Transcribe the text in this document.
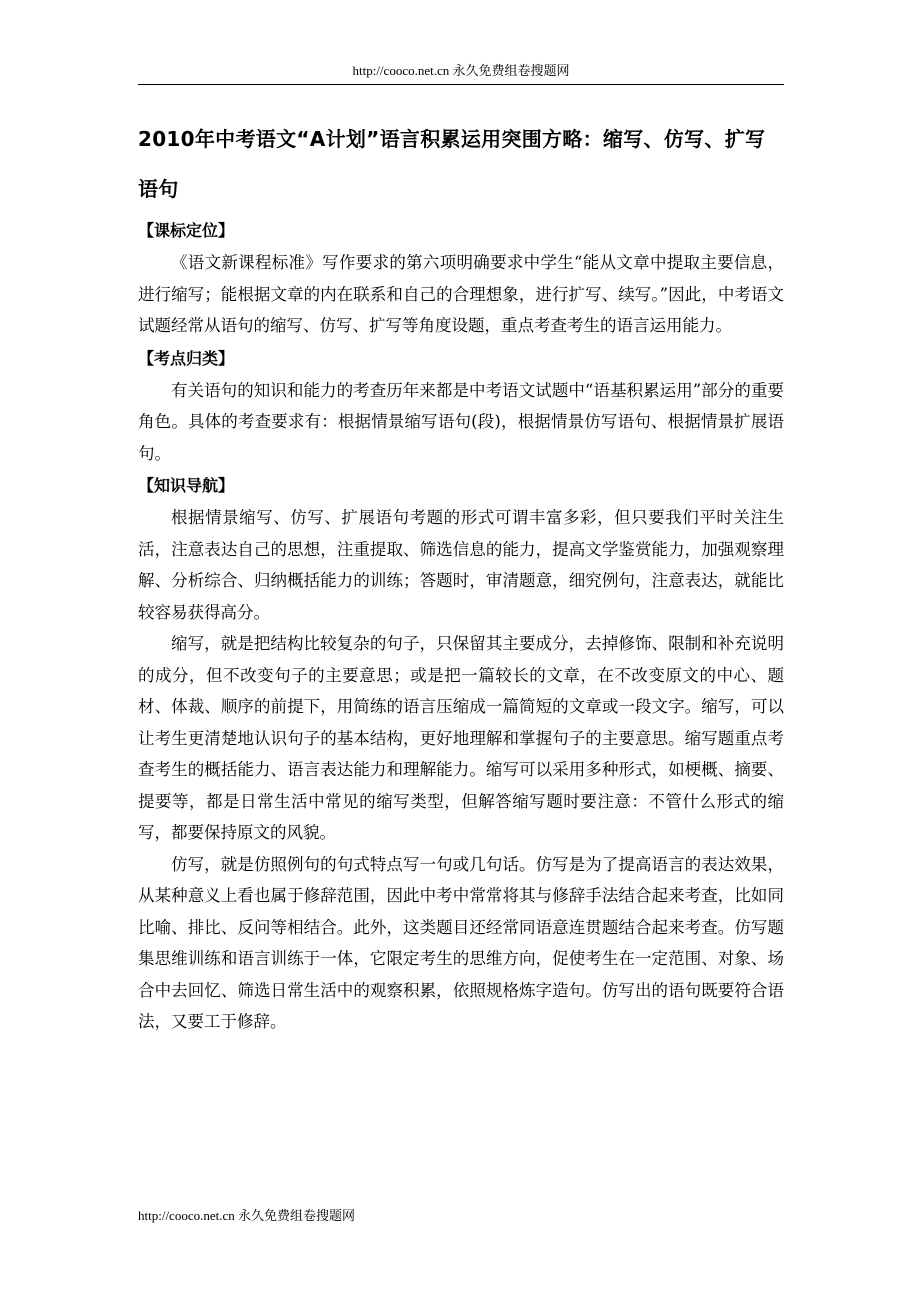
http://cooco.net.cn 永久免费组卷搜题网
2010年中考语文“A计划”语言积累运用突围方略：缩写、仿写、扩写语句
【课标定位】

《语文新课程标准》写作要求的第六项明确要求中学生“能从文章中提取主要信息，进行缩写；能根据文章的内在联系和自己的合理想象，进行扩写、续写。”因此，中考语文试题经常从语句的缩写、仿写、扩写等角度设题，重点考查考生的语言运用能力。

【考点归类】

有关语句的知识和能力的考查历年来都是中考语文试题中“语基积累运用”部分的重要角色。具体的考查要求有：根据情景缩写语句(段)，根据情景仿写语句、根据情景扩展语句。

【知识导航】

根据情景缩写、仿写、扩展语句考题的形式可谓丰富多彩，但只要我们平时关注生活，注意表达自己的思想，注重提取、筛选信息的能力，提高文学鉴赏能力，加强观察理解、分析综合、归纳概括能力的训练；答题时，审清题意，细究例句，注意表达，就能比较容易获得高分。

缩写，就是把结构比较复杂的句子，只保留其主要成分，去掉修饰、限制和补充说明的成分，但不改变句子的主要意思；或是把一篇较长的文章，在不改变原文的中心、题材、体裁、顺序的前提下，用简练的语言压缩成一篇简短的文章或一段文字。缩写，可以让考生更清楚地认识句子的基本结构，更好地理解和掌握句子的主要意思。缩写题重点考查考生的概括能力、语言表达能力和理解能力。缩写可以采用多种形式，如梗概、摘要、提要等，都是日常生活中常见的缩写类型，但解答缩写题时要注意：不管什么形式的缩写，都要保持原文的风貌。

仿写，就是仿照例句的句式特点写一句或几句话。仿写是为了提高语言的表达效果，从某种意义上看也属于修辞范围，因此中考中常常将其与修辞手法结合起来考查，比如同比喻、排比、反问等相结合。此外，这类题目还经常同语意连贯题结合起来考查。仿写题集思维训练和语言训练于一体，它限定考生的思维方向，促使考生在一定范围、对象、场合中去回忆、筛选日常生活中的观察积累，依照规格炼字造句。仿写出的语句既要符合语法，又要工于修辞。

http://cooco.net.cn 永久免费组卷搜题网
